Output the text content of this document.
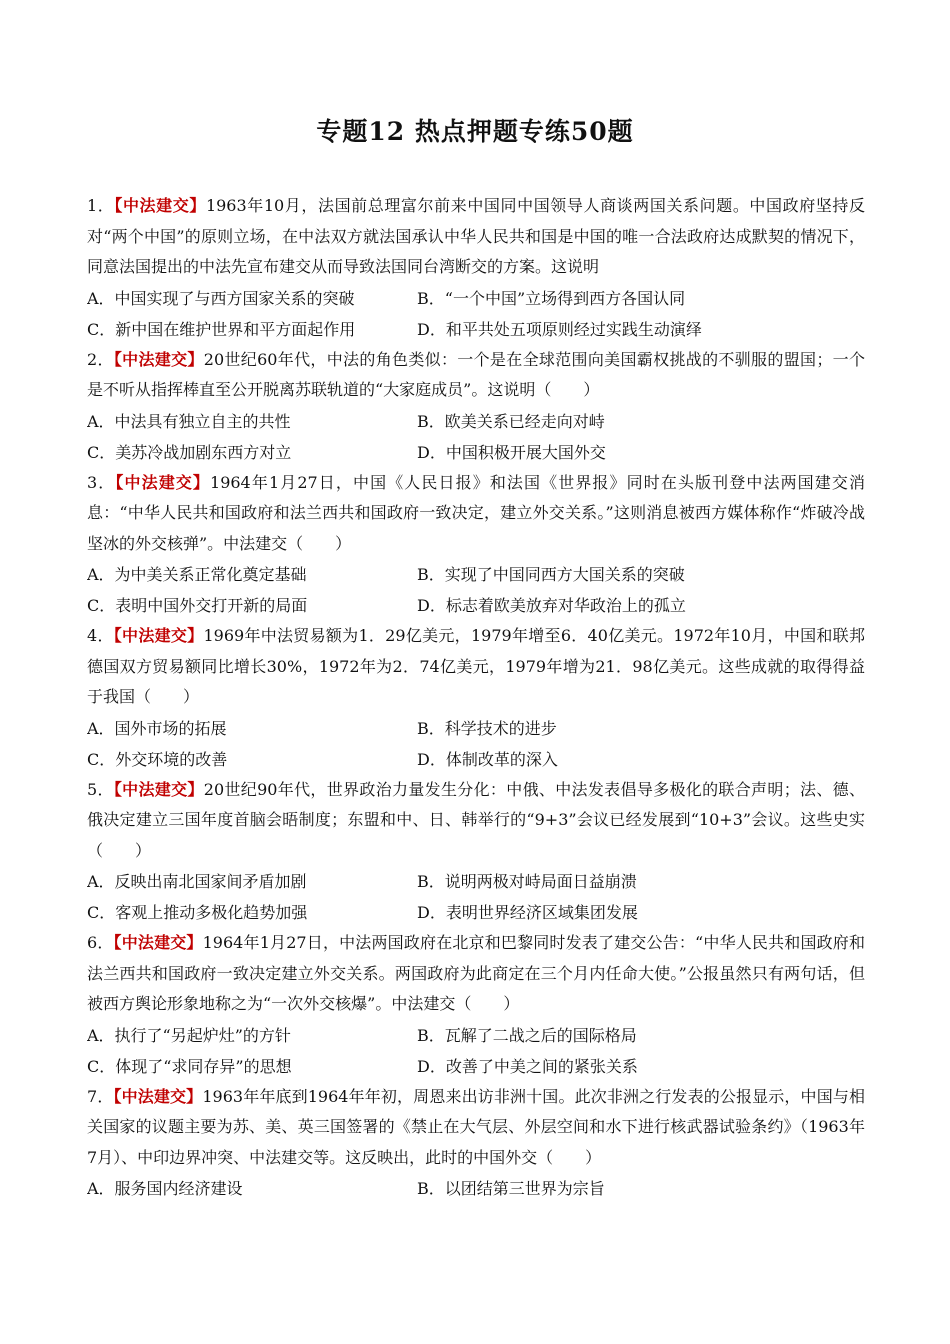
专题12 热点押题专练50题

1．【中法建交】1963年10月，法国前总理富尔前来中国同中国领导人商谈两国关系问题。中国政府坚持反对“两个中国”的原则立场，在中法双方就法国承认中华人民共和国是中国的唯一合法政府达成默契的情况下，同意法国提出的中法先宣布建交从而导致法国同台湾断交的方案。这说明

A．中国实现了与西方国家关系的突破	B．“一个中国”立场得到西方各国认同
C．新中国在维护世界和平方面起作用	D．和平共处五项原则经过实践生动演绎

2．【中法建交】20世纪60年代，中法的角色类似：一个是在全球范围向美国霸权挑战的不驯服的盟国；一个是不听从指挥棒直至公开脱离苏联轨道的“大家庭成员”。这说明（　　）

A．中法具有独立自主的共性	B．欧美关系已经走向对峙
C．美苏冷战加剧东西方对立	D．中国积极开展大国外交

3．【中法建交】1964年1月27日，中国《人民日报》和法国《世界报》同时在头版刊登中法两国建交消息：“中华人民共和国政府和法兰西共和国政府一致决定，建立外交关系。”这则消息被西方媒体称作“炸破冷战坚冰的外交核弹”。中法建交（　　）

A．为中美关系正常化奠定基础	B．实现了中国同西方大国关系的突破
C．表明中国外交打开新的局面	D．标志着欧美放弃对华政治上的孤立

4．【中法建交】1969年中法贸易额为1．29亿美元，1979年增至6．40亿美元。1972年10月，中国和联邦德国双方贸易额同比增长30%，1972年为2．74亿美元，1979年增为21．98亿美元。这些成就的取得得益于我国（　　）

A．国外市场的拓展	B．科学技术的进步
C．外交环境的改善	D．体制改革的深入

5．【中法建交】20世纪90年代，世界政治力量发生分化：中俄、中法发表倡导多极化的联合声明；法、德、俄决定建立三国年度首脑会晤制度；东盟和中、日、韩举行的“9+3”会议已经发展到“10+3”会议。这些史实（　　）

A．反映出南北国家间矛盾加剧	B．说明两极对峙局面日益崩溃
C．客观上推动多极化趋势加强	D．表明世界经济区域集团发展

6．【中法建交】1964年1月27日，中法两国政府在北京和巴黎同时发表了建交公告：“中华人民共和国政府和法兰西共和国政府一致决定建立外交关系。两国政府为此商定在三个月内任命大使。”公报虽然只有两句话，但被西方舆论形象地称之为“一次外交核爆”。中法建交（　　）

A．执行了“另起炉灶”的方针	B．瓦解了二战之后的国际格局
C．体现了“求同存异”的思想	D．改善了中美之间的紧张关系

7．【中法建交】1963年年底到1964年年初，周恩来出访非洲十国。此次非洲之行发表的公报显示，中国与相关国家的议题主要为苏、美、英三国签署的《禁止在大气层、外层空间和水下进行核武器试验条约》（1963年7月）、中印边界冲突、中法建交等。这反映出，此时的中国外交（　　）

A．服务国内经济建设	B．以团结第三世界为宗旨
